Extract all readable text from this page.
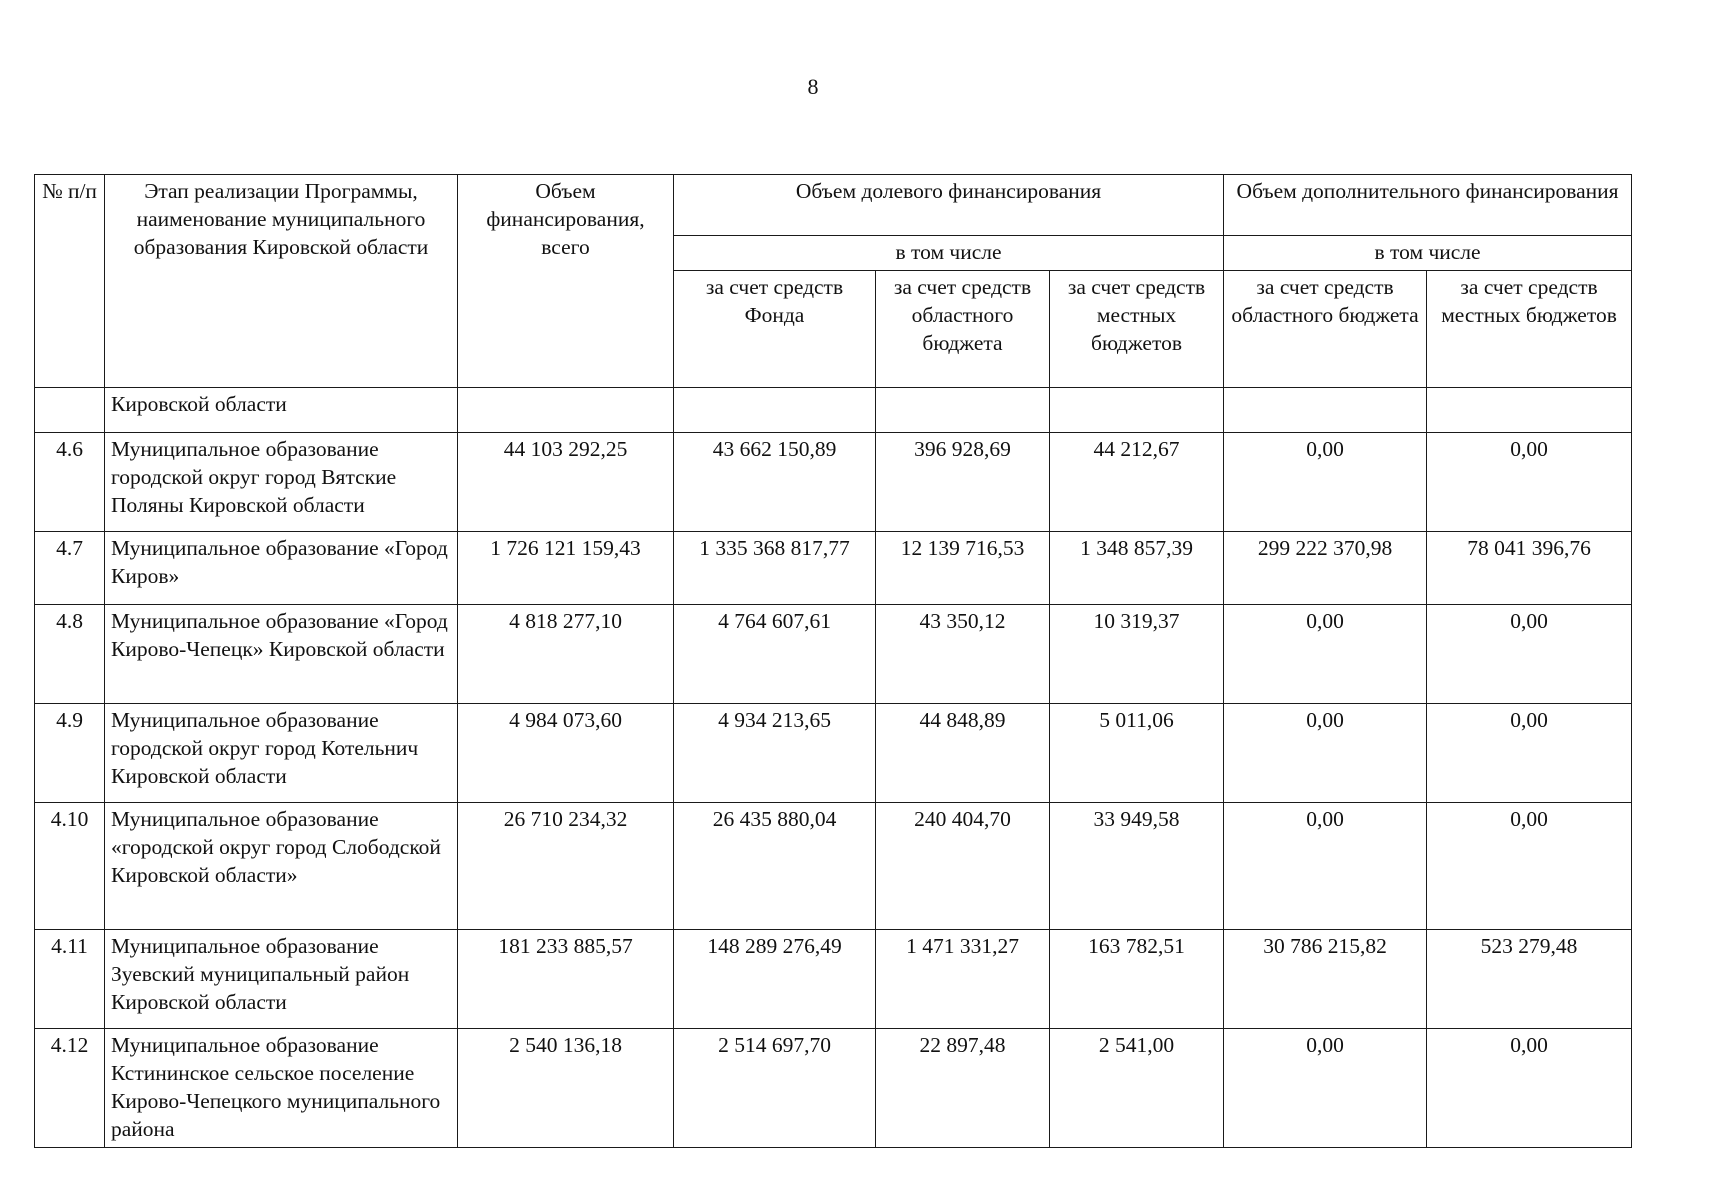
8
№ п/п	Этап реализации Программы, наименование муниципального образования Кировской области	Объем финансирования, всего	Объем долевого финансирования			Объем дополнительного финансирования	
			в том числе			в том числе	
			за счет средств Фонда	за счет средств областного бюджета	за счет средств местных бюджетов	за счет средств областного бюджета	за счет средств местных бюджетов
	Кировской области						
4.6	Муниципальное образование городской округ город Вятские Поляны Кировской области	44 103 292,25	43 662 150,89	396 928,69	44 212,67	0,00	0,00
4.7	Муниципальное образование «Город Киров»	1 726 121 159,43	1 335 368 817,77	12 139 716,53	1 348 857,39	299 222 370,98	78 041 396,76
4.8	Муниципальное образование «Город Кирово-Чепецк» Кировской области	4 818 277,10	4 764 607,61	43 350,12	10 319,37	0,00	0,00
4.9	Муниципальное образование городской округ город Котельнич Кировской области	4 984 073,60	4 934 213,65	44 848,89	5 011,06	0,00	0,00
4.10	Муниципальное образование «городской округ город Слободской Кировской области»	26 710 234,32	26 435 880,04	240 404,70	33 949,58	0,00	0,00
4.11	Муниципальное образование Зуевский муниципальный район Кировской области	181 233 885,57	148 289 276,49	1 471 331,27	163 782,51	30 786 215,82	523 279,48
4.12	Муниципальное образование Кстининское сельское поселение Кирово-Чепецкого муниципального района	2 540 136,18	2 514 697,70	22 897,48	2 541,00	0,00	0,00
